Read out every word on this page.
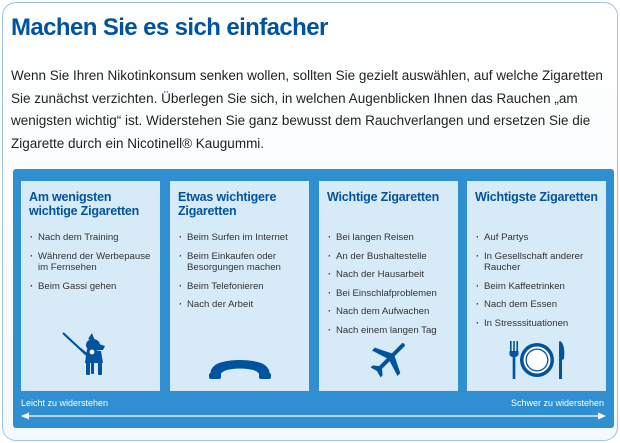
Machen Sie es sich einfacher

Wenn Sie Ihren Nikotinkonsum senken wollen, sollten Sie gezielt auswählen, auf welche Zigaretten Sie zunächst verzichten. Überlegen Sie sich, in welchen Augenblicken Ihnen das Rauchen „am wenigsten wichtig“ ist. Widerstehen Sie ganz bewusst dem Rauchverlangen und ersetzen Sie die Zigarette durch ein Nicotinell® Kaugummi.

Am wenigsten wichtige Zigaretten
· Nach dem Training
· Während der Werbepause im Fernsehen
· Beim Gassi gehen
Etwas wichtigere Zigaretten
· Beim Surfen im Internet
· Beim Einkaufen oder Besorgungen machen
· Beim Telefonieren
· Nach der Arbeit
Wichtige Zigaretten
· Bei langen Reisen
· An der Bushaltestelle
· Nach der Hausarbeit
· Bei Einschlafproblemen
· Nach dem Aufwachen
· Nach einem langen Tag
Wichtigste Zigaretten
· Auf Partys
· In Gesellschaft anderer Raucher
· Beim Kaffeetrinken
· Nach dem Essen
· In Stresssituationen
Leicht zu widerstehen	Schwer zu widerstehen
